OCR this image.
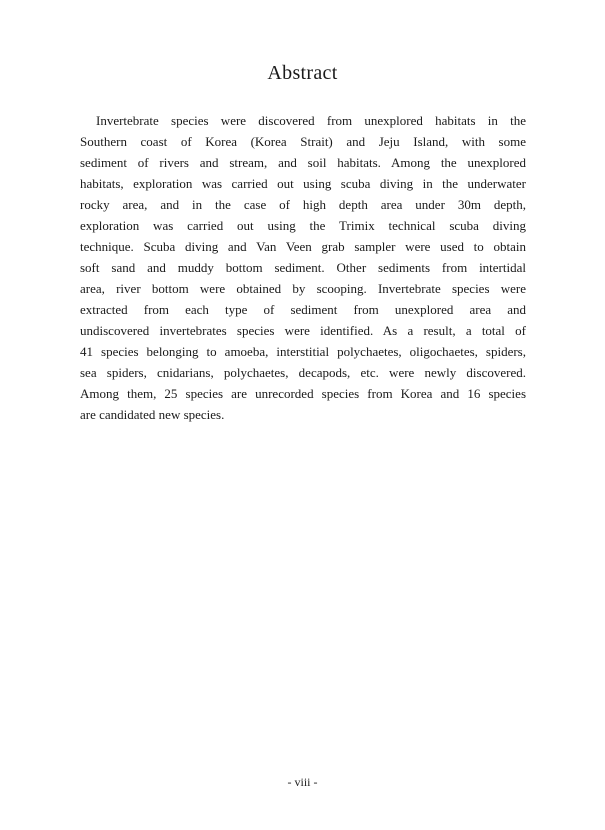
Abstract
Invertebrate species were discovered from unexplored habitats in the
Southern coast of Korea (Korea Strait) and Jeju Island, with some
sediment of rivers and stream, and soil habitats. Among the unexplored
habitats, exploration was carried out using scuba diving in the underwater
rocky area, and in the case of high depth area under 30m depth,
exploration was carried out using the Trimix technical scuba diving
technique. Scuba diving and Van Veen grab sampler were used to obtain
soft sand and muddy bottom sediment. Other sediments from intertidal
area, river bottom were obtained by scooping. Invertebrate species were
extracted from each type of sediment from unexplored area and
undiscovered invertebrates species were identified. As a result, a total of
41 species belonging to amoeba, interstitial polychaetes, oligochaetes, spiders,
sea spiders, cnidarians, polychaetes, decapods, etc. were newly discovered.
Among them, 25 species are unrecorded species from Korea and 16 species
are candidated new species.
- viii -
